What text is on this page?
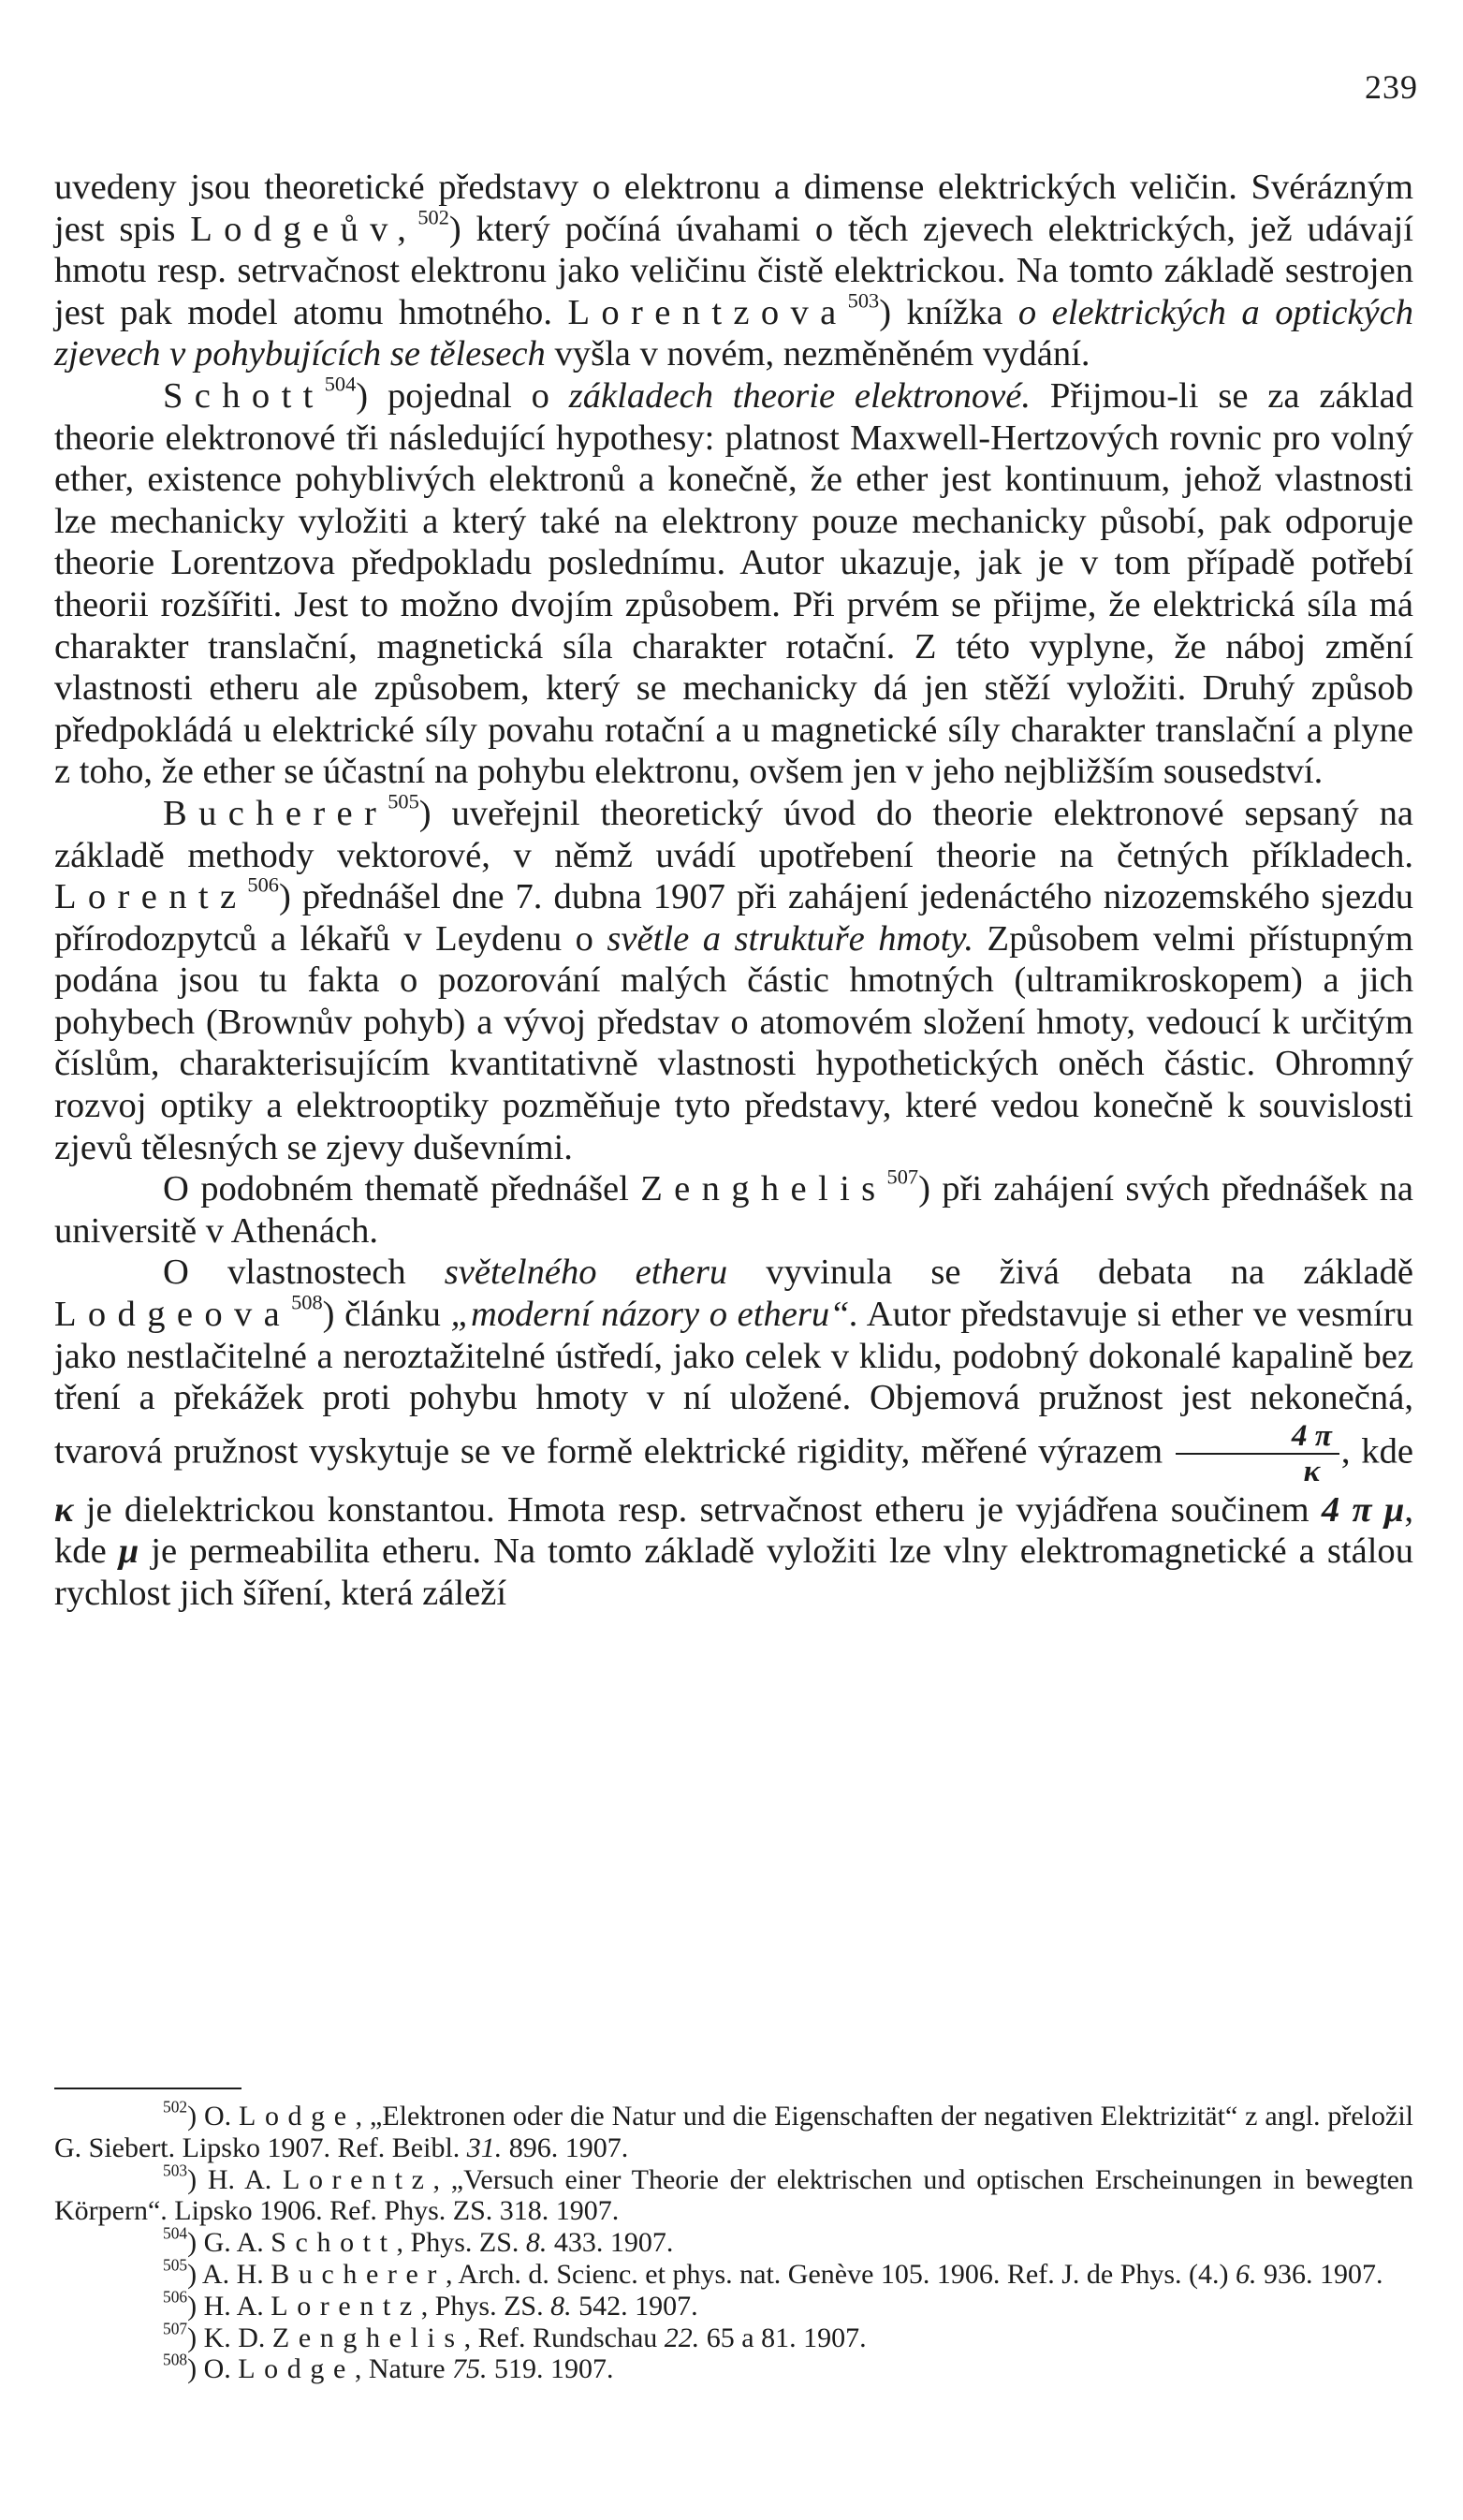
239

uvedeny jsou theoretické představy o elektronu a dimense elektrických veličin. Svérázným jest spis Lodgeův,$^{502}$) který počíná úvahami o těch zjevech elektrických, jež udávají hmotu resp. setrvačnost elektronu jako veličinu čistě elektrickou. Na tomto základě sestrojen jest pak model atomu hmotného. Lorentzova$^{503}$) knížka o elektrických a optických zjevech v pohybujících se tělesech vyšla v novém, nezměněném vydání.

Schott$^{504}$) pojednal o základech theorie elektronové. Přijmou-li se za základ theorie elektronové tři následující hypothesy: platnost Maxwell-Hertzových rovnic pro volný ether, existence pohyblivých elektronů a konečně, že ether jest kontinuum, jehož vlastnosti lze mechanicky vyložiti a který také na elektrony pouze mechanicky působí, pak odporuje theorie Lorentzova předpokladu poslednímu. Autor ukazuje, jak je v tom případě potřebí theorii rozšířiti. Jest to možno dvojím způsobem. Při prvém se přijme, že elektrická síla má charakter translační, magnetická síla charakter rotační. Z této vyplyne, že náboj změní vlastnosti etheru ale způsobem, který se mechanicky dá jen stěží vyložiti. Druhý způsob předpokládá u elektrické síly povahu rotační a u magnetické síly charakter translační a plyne z toho, že ether se účastní na pohybu elektronu, ovšem jen v jeho nejbližším sousedství.

Bucherer$^{505}$) uveřejnil theoretický úvod do theorie elektronové sepsaný na základě methody vektorové, v němž uvádí upotřebení theorie na četných příkladech. Lorentz$^{506}$) přednášel dne 7. dubna 1907 při zahájení jedenáctého nizozemského sjezdu přírodozpytců a lékařů v Leydenu o světle a struktuře hmoty. Způsobem velmi přístupným podána jsou tu fakta o pozorování malých částic hmotných (ultramikroskopem) a jich pohybech (Brownův pohyb) a vývoj představ o atomovém složení hmoty, vedoucí k určitým číslům, charakterisujícím kvantitativně vlastnosti hypothetických oněch částic. Ohromný rozvoj optiky a elektrooptiky pozměňuje tyto představy, které vedou konečně k souvislosti zjevů tělesných se zjevy duševními.

O podobném thematě přednášel Zenghelis$^{507}$) při zahájení svých přednášek na universitě v Athenách.

O vlastnostech světelného etheru vyvinula se živá debata na základě Lodgeova$^{508}$) článku „moderní názory o etheru“. Autor představuje si ether ve vesmíru jako nestlačitelné a neroztažitelné ústředí, jako celek v klidu, podobný dokonalé kapalině bez tření a překážek proti pohybu hmoty v ní uložené. Objemová pružnost jest nekonečná, tvarová pružnost vyskytuje se ve formě elektrické rigidity, měřené výrazem $\frac{4 \pi}{\kappa}$ , kde κ je dielektrickou konstantou. Hmota resp. setrvačnost etheru je vyjádřena součinem 4 π μ, kde μ je permeabilita etheru. Na tomto základě vyložiti lze vlny elektromagnetické a stálou rychlost jich šíření, která záleží

$^{502}$) O. Lodge, „Elektronen oder die Natur und die Eigenschaften der negativen Elektrizität“ z angl. přeložil G. Siebert. Lipsko 1907. Ref. Beibl. 31. 896. 1907.

$^{503}$) H. A. Lorentz, „Versuch einer Theorie der elektrischen und optischen Erscheinungen in bewegten Körpern“. Lipsko 1906. Ref. Phys. ZS. 318. 1907.

$^{504}$) G. A. Schott, Phys. ZS. 8. 433. 1907.

$^{505}$) A. H. Bucherer, Arch. d. Scienc. et phys. nat. Genève 105. 1906. Ref. J. de Phys. (4.) 6. 936. 1907.

$^{506}$) H. A. Lorentz, Phys. ZS. 8. 542. 1907.

$^{507}$) K. D. Zenghelis, Ref. Rundschau 22. 65 a 81. 1907.

$^{508}$) O. Lodge, Nature 75. 519. 1907.
